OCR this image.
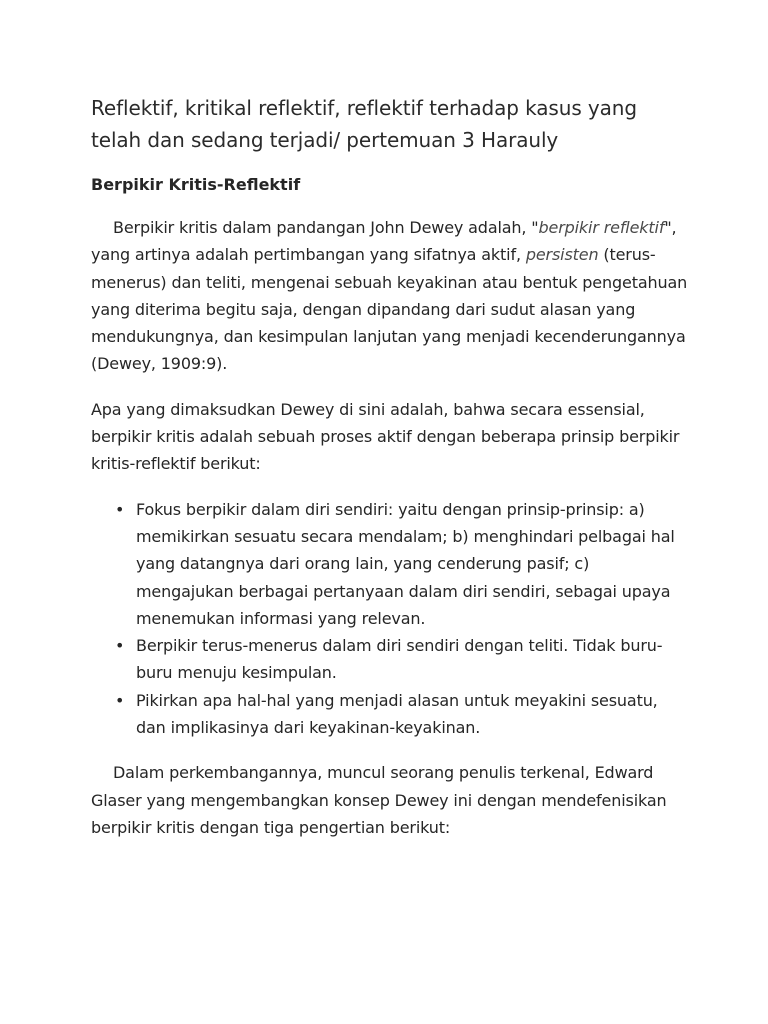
Reflektif, kritikal reflektif, reflektif terhadap kasus yang telah dan sedang terjadi/ pertemuan 3 Harauly
Berpikir Kritis-Reflektif

Berpikir kritis dalam pandangan John Dewey adalah, "berpikir reflektif", yang artinya adalah pertimbangan yang sifatnya aktif, persisten (terus-menerus) dan teliti, mengenai sebuah keyakinan atau bentuk pengetahuan yang diterima begitu saja, dengan dipandang dari sudut alasan yang mendukungnya, dan kesimpulan lanjutan yang menjadi kecenderungannya (Dewey, 1909:9).

Apa yang dimaksudkan Dewey di sini adalah, bahwa secara essensial, berpikir kritis adalah sebuah proses aktif dengan beberapa prinsip berpikir kritis-reflektif berikut:

• Fokus berpikir dalam diri sendiri: yaitu dengan prinsip-prinsip: a) memikirkan sesuatu secara mendalam; b) menghindari pelbagai hal yang datangnya dari orang lain, yang cenderung pasif; c) mengajukan berbagai pertanyaan dalam diri sendiri, sebagai upaya menemukan informasi yang relevan.
• Berpikir terus-menerus dalam diri sendiri dengan teliti. Tidak buru-buru menuju kesimpulan.
• Pikirkan apa hal-hal yang menjadi alasan untuk meyakini sesuatu, dan implikasinya dari keyakinan-keyakinan.

Dalam perkembangannya, muncul seorang penulis terkenal, Edward Glaser yang mengembangkan konsep Dewey ini dengan mendefenisikan berpikir kritis dengan tiga pengertian berikut:
